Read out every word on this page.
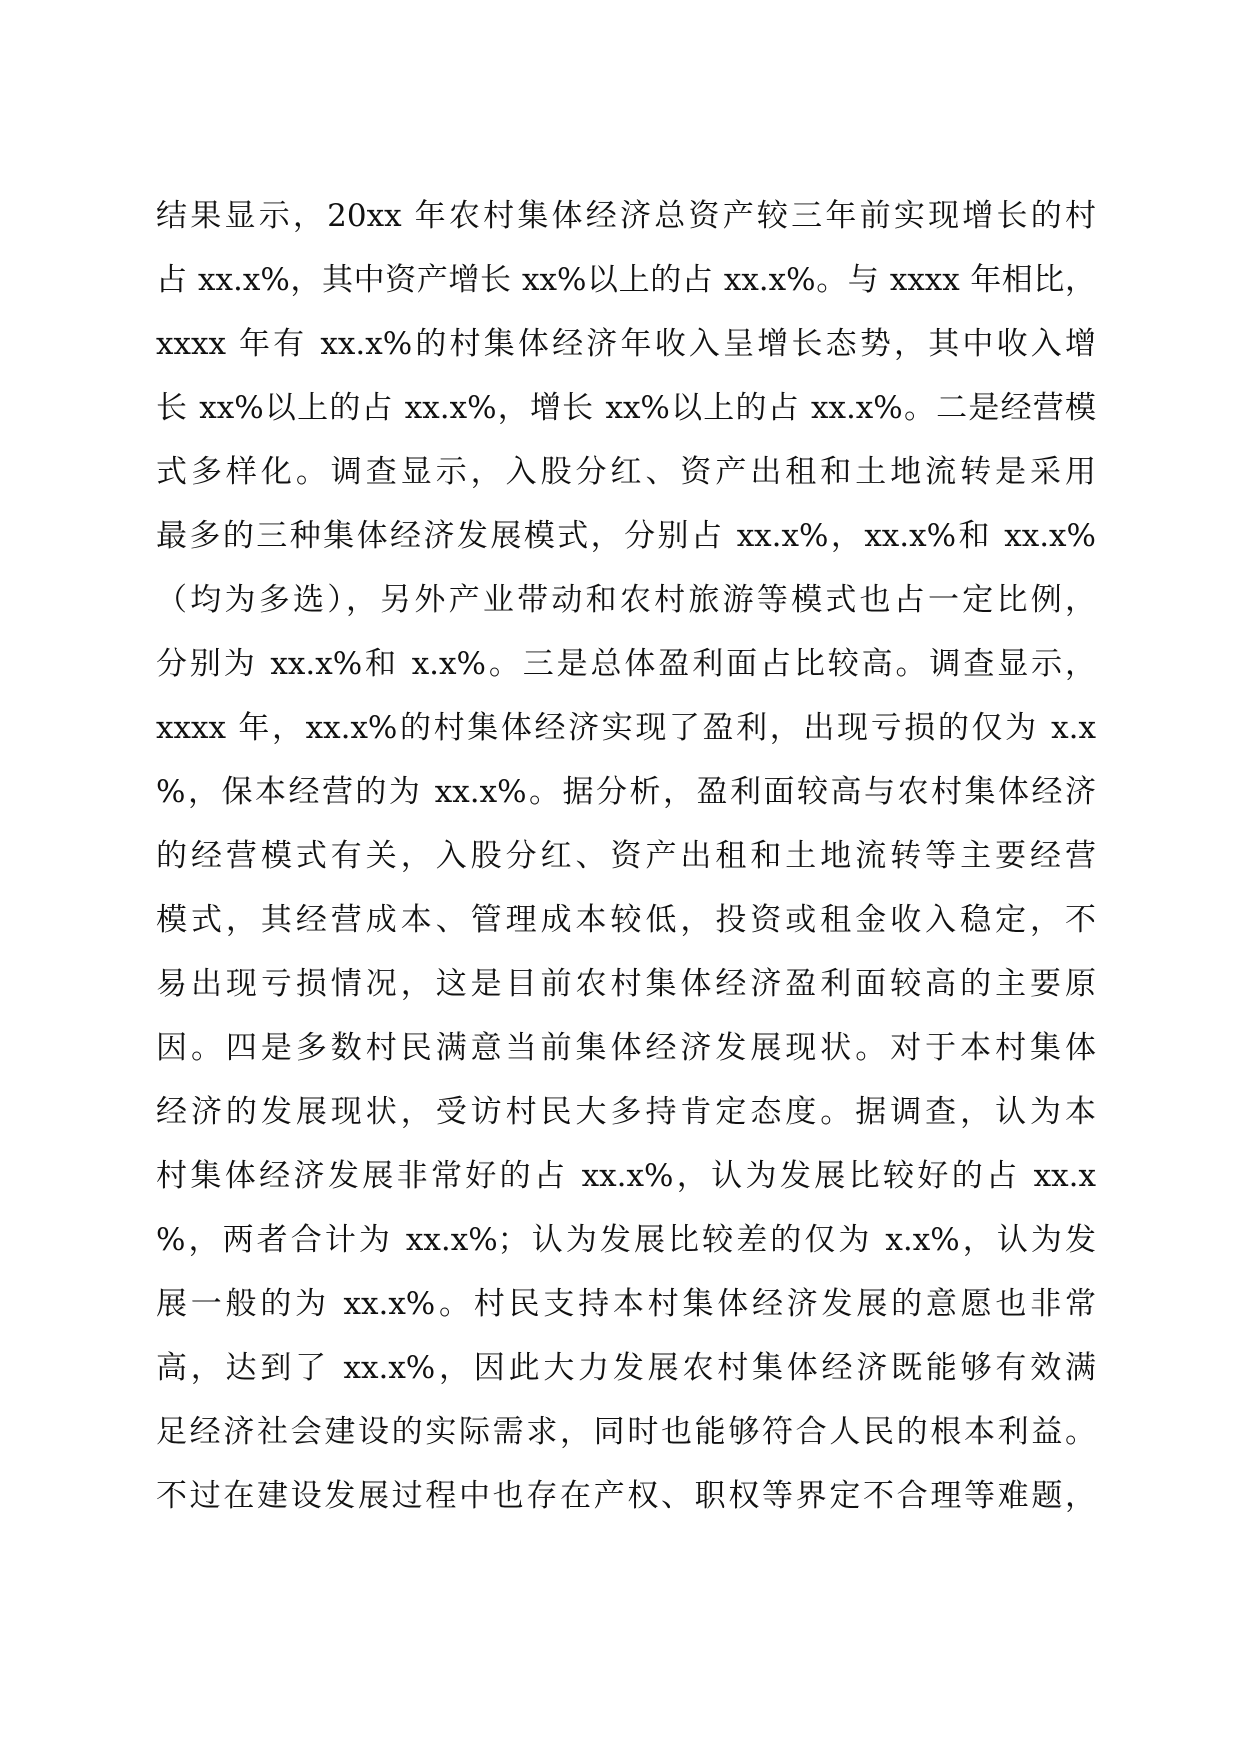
结果显示，20xx 年农村集体经济总资产较三年前实现增长的村
占 xx.x%，其中资产增长 xx%以上的占 xx.x%。与 xxxx 年相比，
xxxx 年有 xx.x%的村集体经济年收入呈增长态势，其中收入增
长 xx%以上的占 xx.x%，增长 xx%以上的占 xx.x%。二是经营模
式多样化。调查显示，入股分红、资产出租和土地流转是采用
最多的三种集体经济发展模式，分别占 xx.x%，xx.x%和 xx.x%
（均为多选），另外产业带动和农村旅游等模式也占一定比例，
分别为 xx.x%和 x.x%。三是总体盈利面占比较高。调查显示，
xxxx 年，xx.x%的村集体经济实现了盈利，出现亏损的仅为 x.x
%，保本经营的为 xx.x%。据分析，盈利面较高与农村集体经济
的经营模式有关，入股分红、资产出租和土地流转等主要经营
模式，其经营成本、管理成本较低，投资或租金收入稳定，不
易出现亏损情况，这是目前农村集体经济盈利面较高的主要原
因。四是多数村民满意当前集体经济发展现状。对于本村集体
经济的发展现状，受访村民大多持肯定态度。据调查，认为本
村集体经济发展非常好的占 xx.x%，认为发展比较好的占 xx.x
%，两者合计为 xx.x%；认为发展比较差的仅为 x.x%，认为发
展一般的为 xx.x%。村民支持本村集体经济发展的意愿也非常
高，达到了 xx.x%，因此大力发展农村集体经济既能够有效满
足经济社会建设的实际需求，同时也能够符合人民的根本利益。
不过在建设发展过程中也存在产权、职权等界定不合理等难题，
